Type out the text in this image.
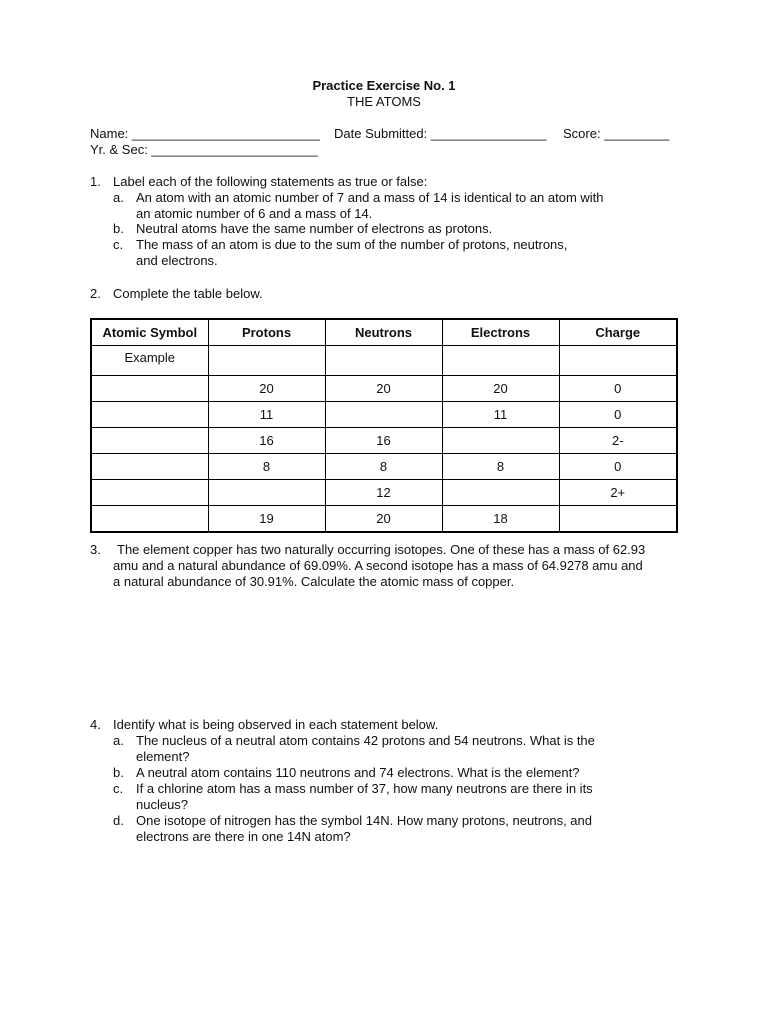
Practice Exercise No. 1
THE ATOMS
Name: __________________________ Date Submitted: ________________ Score: _________
Yr. & Sec: _______________________
1. Label each of the following statements as true or false:
a. An atom with an atomic number of 7 and a mass of 14 is identical to an atom with
an atomic number of 6 and a mass of 14.
b. Neutral atoms have the same number of electrons as protons.
c. The mass of an atom is due to the sum of the number of protons, neutrons,
and electrons.
2. Complete the table below.
Atomic Symbol	Protons	Neutrons	Electrons	Charge
Example				
	20	20	20	0
	11		11	0
	16	16		2-
	8	8	8	0
		12		2+
	19	20	18	
3. The element copper has two naturally occurring isotopes. One of these has a mass of 62.93
amu and a natural abundance of 69.09%. A second isotope has a mass of 64.9278 amu and
a natural abundance of 30.91%. Calculate the atomic mass of copper.
4. Identify what is being observed in each statement below.
a. The nucleus of a neutral atom contains 42 protons and 54 neutrons. What is the
element?
b. A neutral atom contains 110 neutrons and 74 electrons. What is the element?
c. If a chlorine atom has a mass number of 37, how many neutrons are there in its
nucleus?
d. One isotope of nitrogen has the symbol 14N. How many protons, neutrons, and
electrons are there in one 14N atom?
